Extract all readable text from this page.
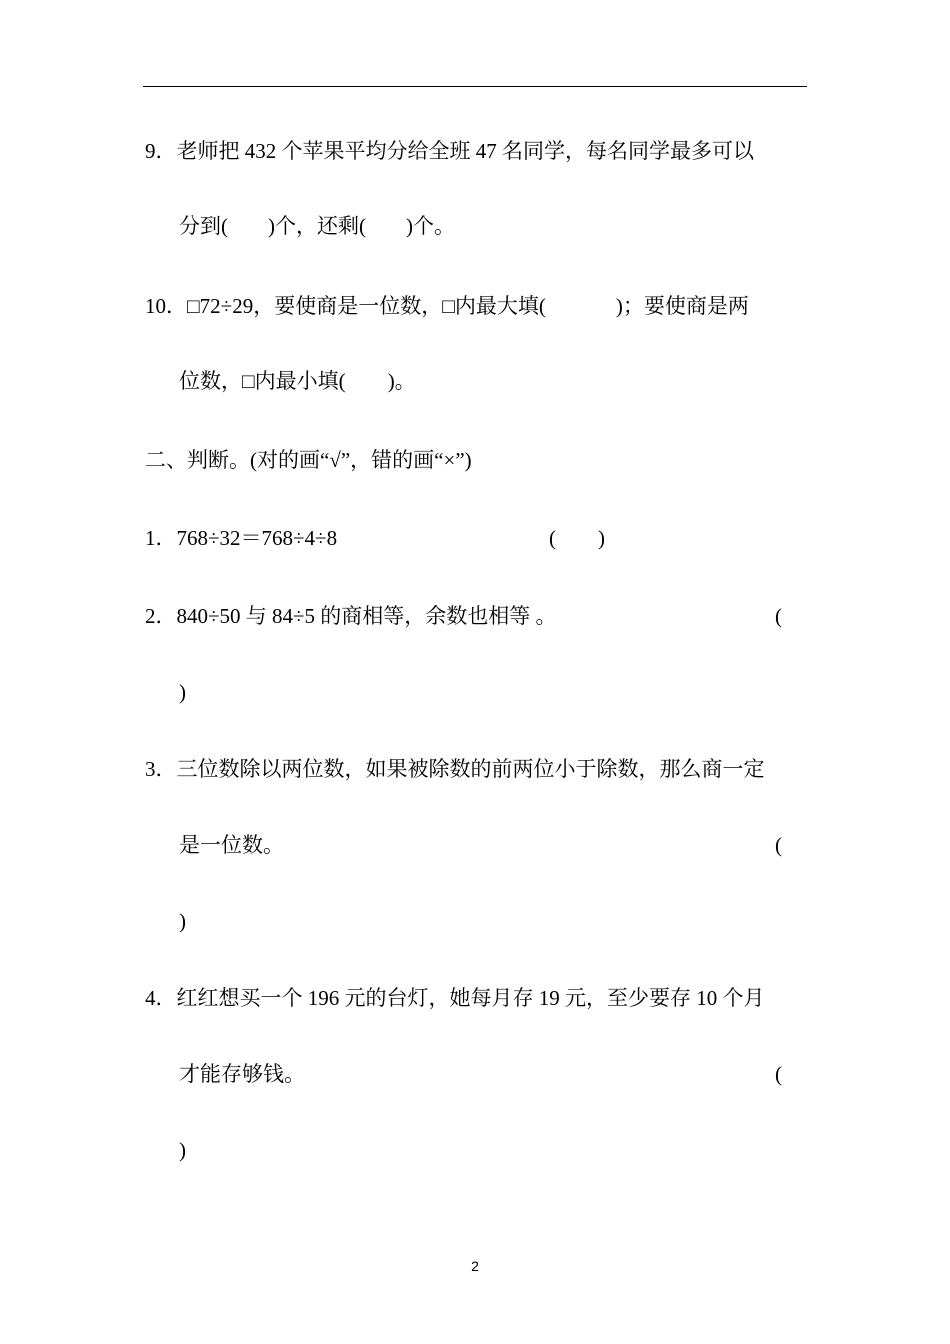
9．老师把 432 个苹果平均分给全班 47 名同学，每名同学最多可以
分到( )个，还剩( )个。
10．□72÷29，要使商是一位数，□内最大填(	)；要使商是两
位数，□内最小填( )。
二、判断。(对的画“√”，错的画“×”)
1．768÷32＝768÷4÷8	( )
2．840÷50 与 84÷5 的商相等，余数也相等 。	(
)
3．三位数除以两位数，如果被除数的前两位小于除数，那么商一定
是一位数。	(
)
4．红红想买一个 196 元的台灯，她每月存 19 元，至少要存 10 个月
才能存够钱。	(
)
2
